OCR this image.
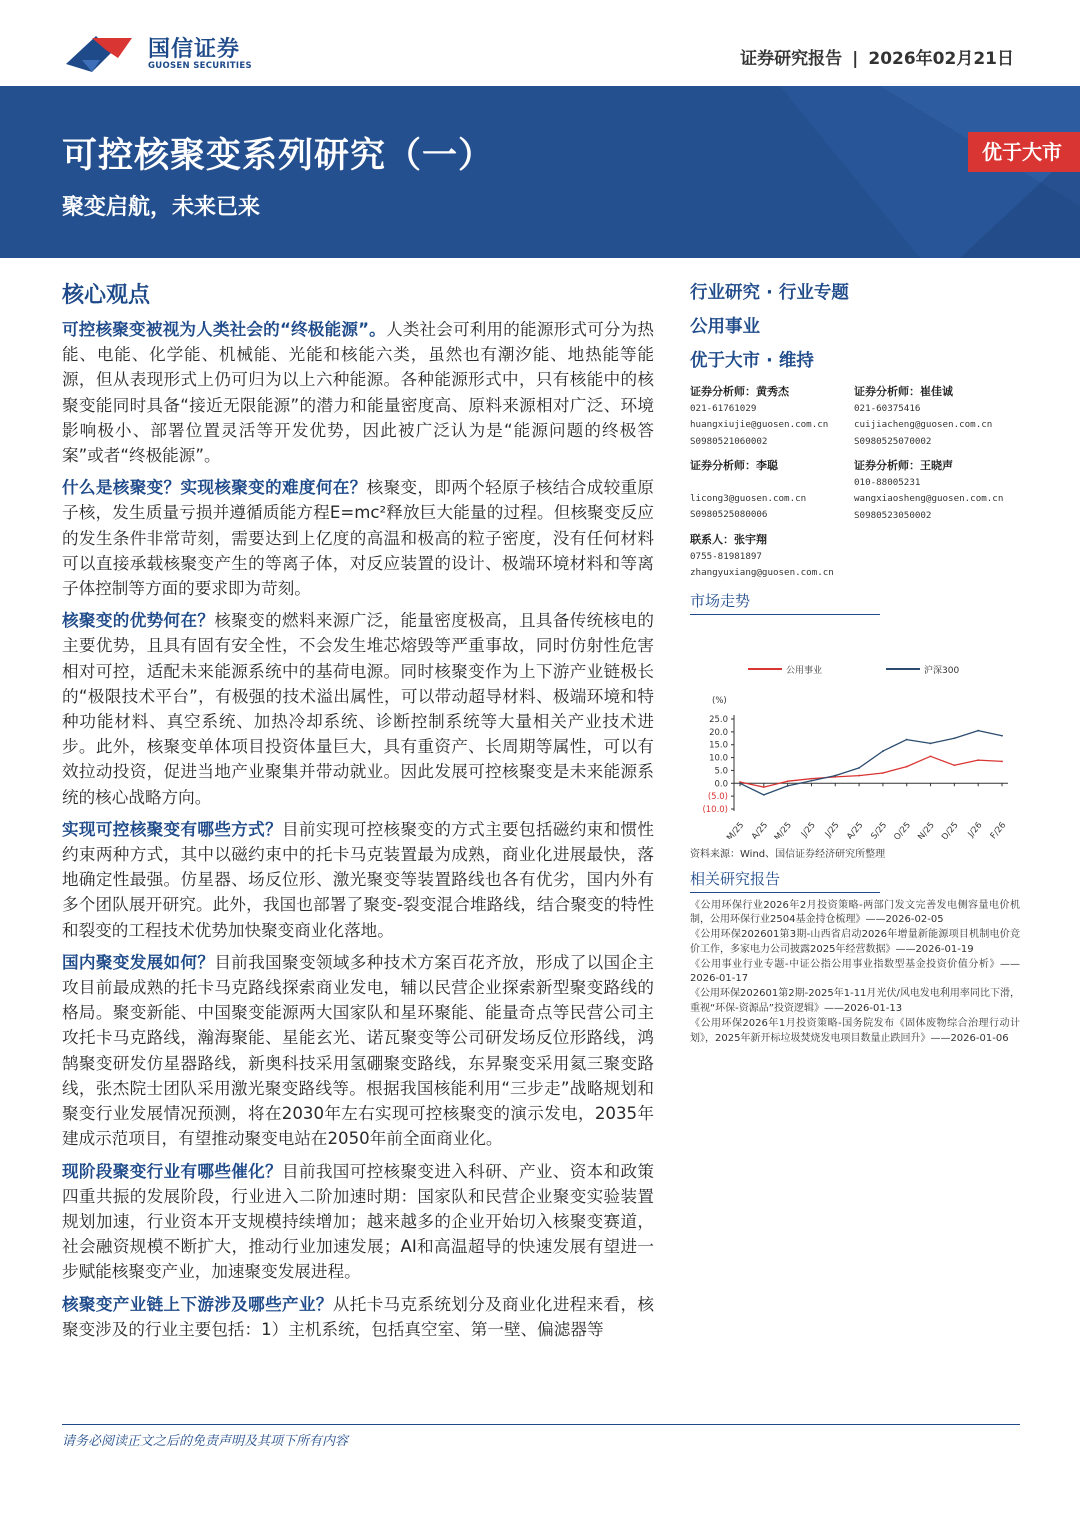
国信证券
GUOSEN SECURITIES	证券研究报告 | 2026年02月21日
可控核聚变系列研究（一）
聚变启航，未来已来
优于大市
核心观点

可控核聚变被视为人类社会的“终极能源”。人类社会可利用的能源形式可分为热能、电能、化学能、机械能、光能和核能六类，虽然也有潮汐能、地热能等能源，但从表现形式上仍可归为以上六种能源。各种能源形式中，只有核能中的核聚变能同时具备“接近无限能源”的潜力和能量密度高、原料来源相对广泛、环境影响极小、部署位置灵活等开发优势，因此被广泛认为是“能源问题的终极答案”或者“终极能源”。

什么是核聚变？实现核聚变的难度何在？核聚变，即两个轻原子核结合成较重原子核，发生质量亏损并遵循质能方程E=mc²释放巨大能量的过程。但核聚变反应的发生条件非常苛刻，需要达到上亿度的高温和极高的粒子密度，没有任何材料可以直接承载核聚变产生的等离子体，对反应装置的设计、极端环境材料和等离子体控制等方面的要求即为苛刻。

核聚变的优势何在？核聚变的燃料来源广泛，能量密度极高，且具备传统核电的主要优势，且具有固有安全性，不会发生堆芯熔毁等严重事故，同时仿射性危害相对可控，适配未来能源系统中的基荷电源。同时核聚变作为上下游产业链极长的“极限技术平台”，有极强的技术溢出属性，可以带动超导材料、极端环境和特种功能材料、真空系统、加热冷却系统、诊断控制系统等大量相关产业技术进步。此外，核聚变单体项目投资体量巨大，具有重资产、长周期等属性，可以有效拉动投资，促进当地产业聚集并带动就业。因此发展可控核聚变是未来能源系统的核心战略方向。

实现可控核聚变有哪些方式？目前实现可控核聚变的方式主要包括磁约束和惯性约束两种方式，其中以磁约束中的托卡马克装置最为成熟，商业化进展最快，落地确定性最强。仿星器、场反位形、激光聚变等装置路线也各有优劣，国内外有多个团队展开研究。此外，我国也部署了聚变-裂变混合堆路线，结合聚变的特性和裂变的工程技术优势加快聚变商业化落地。

国内聚变发展如何？目前我国聚变领域多种技术方案百花齐放，形成了以国企主攻目前最成熟的托卡马克路线探索商业发电，辅以民营企业探索新型聚变路线的格局。聚变新能、中国聚变能源两大国家队和星环聚能、能量奇点等民营公司主攻托卡马克路线，瀚海聚能、星能玄光、诺瓦聚变等公司研发场反位形路线，鸿鹄聚变研发仿星器路线，新奥科技采用氢硼聚变路线，东昇聚变采用氦三聚变路线，张杰院士团队采用激光聚变路线等。根据我国核能利用“三步走”战略规划和聚变行业发展情况预测，将在2030年左右实现可控核聚变的演示发电，2035年建成示范项目，有望推动聚变电站在2050年前全面商业化。

现阶段聚变行业有哪些催化？目前我国可控核聚变进入科研、产业、资本和政策四重共振的发展阶段，行业进入二阶加速时期：国家队和民营企业聚变实验装置规划加速，行业资本开支规模持续增加；越来越多的企业开始切入核聚变赛道，社会融资规模不断扩大，推动行业加速发展；AI和高温超导的快速发展有望进一步赋能核聚变产业，加速聚变发展进程。

核聚变产业链上下游涉及哪些产业？从托卡马克系统划分及商业化进程来看，核聚变涉及的行业主要包括：1）主机系统，包括真空室、第一壁、偏滤器等

行业研究 · 行业专题
公用事业
优于大市 · 维持
证券分析师：黄秀杰
021-61761029
huangxiujie@guosen.com.cn
S0980521060002
证券分析师：崔佳诚
021-60375416
cuijiacheng@guosen.com.cn
S0980525070002
证券分析师：李聪
licong3@guosen.com.cn
S0980525080006
证券分析师：王晓声
010-88005231
wangxiaosheng@guosen.com.cn
S0980523050002
联系人：张宇翔
0755-81981897
zhangyuxiang@guosen.com.cn
市场走势
公用事业	沪深300
(%)
25.0
20.0
15.0
10.0
5.0
0.0
(5.0)
(10.0)
M/25 A/25 M/25 J/25 J/25 A/25 S/25 O/25 N/25 D/25 J/26 F/26
资料来源：Wind、国信证券经济研究所整理
相关研究报告
《公用环保行业2026年2月投资策略-两部门发文完善发电侧容量电价机制，公用环保行业2504基金持仓梳理》——2026-02-05
《公用环保202601第3期-山西省启动2026年增量新能源项目机制电价竞价工作，多家电力公司披露2025年经营数据》——2026-01-19
《公用事业行业专题-中证公指公用事业指数型基金投资价值分析》——2026-01-17
《公用环保202601第2期-2025年1-11月光伏/风电发电利用率同比下滑，重视“环保-资源品”投资逻辑》——2026-01-13
《公用环保2026年1月投资策略-国务院发布《固体废物综合治理行动计划》，2025年新开标垃圾焚烧发电项目数量止跌回升》——2026-01-06
请务必阅读正文之后的免责声明及其项下所有内容
